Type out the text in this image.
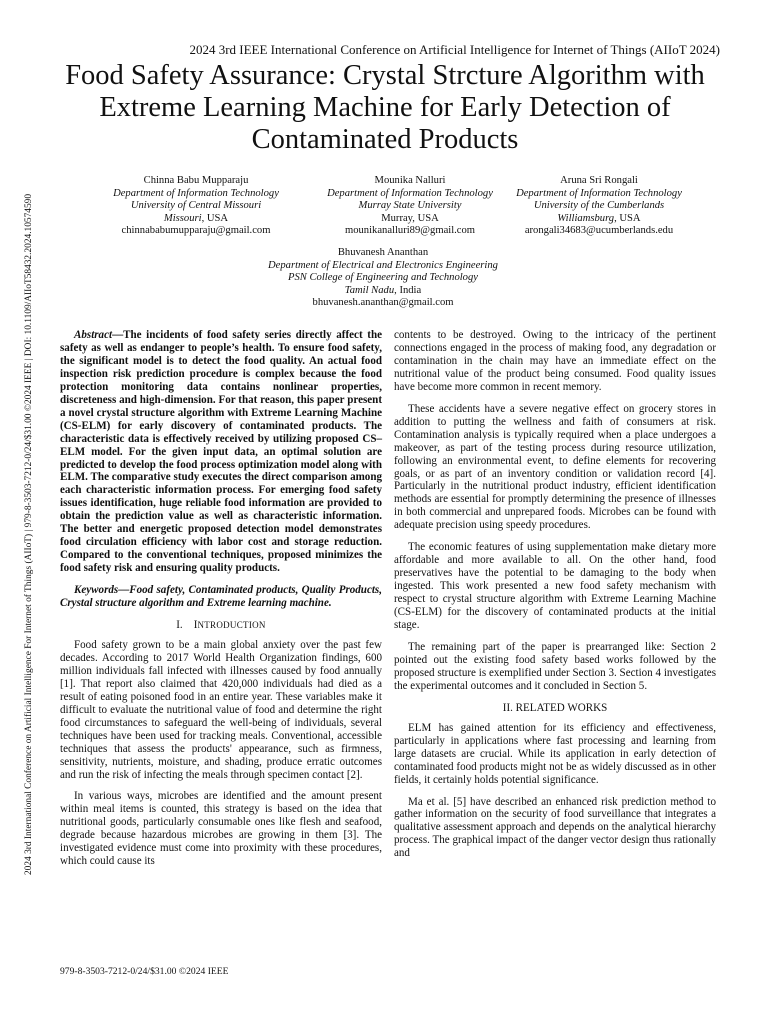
2024 3rd IEEE International Conference on Artificial Intelligence for Internet of Things (AIIoT 2024)
Food Safety Assurance: Crystal Strcture Algorithm with Extreme Learning Machine for Early Detection of Contaminated Products
2024 3rd International Conference on Artificial Intelligence For Internet of Things (AIIoT) | 979-8-3503-7212-0/24/$31.00 ©2024 IEEE | DOI: 10.1109/AIIoT58432.2024.10574590
Chinna Babu Mupparaju
Department of Information Technology
University of Central Missouri
Missouri, USA
chinnababumupparaju@gmail.com
Mounika Nalluri
Department of Information Technology
Murray State University
Murray, USA
mounikanalluri89@gmail.com
Aruna Sri Rongali
Department of Information Technology
University of the Cumberlands
Williamsburg, USA
arongali34683@ucumberlands.edu
Bhuvanesh Ananthan
Department of Electrical and Electronics Engineering
PSN College of Engineering and Technology
Tamil Nadu, India
bhuvanesh.ananthan@gmail.com

Abstract—The incidents of food safety series directly affect the safety as well as endanger to people’s health. To ensure food safety, the significant model is to detect the food quality. An actual food inspection risk prediction procedure is complex because the food protection monitoring data contains nonlinear properties, discreteness and high-dimension. For that reason, this paper present a novel crystal structure algorithm with Extreme Learning Machine (CS-ELM) for early discovery of contaminated products. The characteristic data is effectively received by utilizing proposed CS–ELM model. For the given input data, an optimal solution are predicted to develop the food process optimization model along with ELM. The comparative study executes the direct comparison among each characteristic information process. For emerging food safety issues identification, huge reliable food information are provided to obtain the prediction value as well as characteristic information. The better and energetic proposed detection model demonstrates food circulation efficiency with labor cost and storage reduction. Compared to the conventional techniques, proposed minimizes the food safety risk and ensuring quality products.

Keywords—Food safety, Contaminated products, Quality Products, Crystal structure algorithm and Extreme learning machine.

I. INTRODUCTION

Food safety grown to be a main global anxiety over the past few decades. According to 2017 World Health Organization findings, 600 million individuals fall infected with illnesses caused by food annually [1]. That report also claimed that 420,000 individuals had died as a result of eating poisoned food in an entire year. These variables make it difficult to evaluate the nutritional value of food and determine the right food circumstances to safeguard the well-being of individuals, several techniques have been used for tracking meals. Conventional, accessible techniques that assess the products' appearance, such as firmness, sensitivity, nutrients, moisture, and shading, produce erratic outcomes and run the risk of infecting the meals through specimen contact [2].

In various ways, microbes are identified and the amount present within meal items is counted, this strategy is based on the idea that nutritional goods, particularly consumable ones like flesh and seafood, degrade because hazardous microbes are growing in them [3]. The investigated evidence must come into proximity with these procedures, which could cause its

contents to be destroyed. Owing to the intricacy of the pertinent connections engaged in the process of making food, any degradation or contamination in the chain may have an immediate effect on the nutritional value of the product being consumed. Food quality issues have become more common in recent memory.

These accidents have a severe negative effect on grocery stores in addition to putting the wellness and faith of consumers at risk. Contamination analysis is typically required when a place undergoes a makeover, as part of the testing process during resource utilization, following an environmental event, to define elements for recovering goals, or as part of an inventory condition or validation record [4]. Particularly in the nutritional product industry, efficient identification methods are essential for promptly determining the presence of illnesses in both commercial and unprepared foods. Microbes can be found with adequate precision using speedy procedures.

The economic features of using supplementation make dietary more affordable and more available to all. On the other hand, food preservatives have the potential to be damaging to the body when ingested. This work presented a new food safety mechanism with respect to crystal structure algorithm with Extreme Learning Machine (CS-ELM) for the discovery of contaminated products at the initial stage.

The remaining part of the paper is prearranged like: Section 2 pointed out the existing food safety based works followed by the proposed structure is exemplified under Section 3. Section 4 investigates the experimental outcomes and it concluded in Section 5.

II. RELATED WORKS

ELM has gained attention for its efficiency and effectiveness, particularly in applications where fast processing and learning from large datasets are crucial. While its application in early detection of contaminated food products might not be as widely discussed as in other fields, it certainly holds potential significance.

Ma et al. [5] have described an enhanced risk prediction method to gather information on the security of food surveillance that integrates a qualitative assessment approach and depends on the analytical hierarchy process. The graphical impact of the danger vector design thus rationally and

979-8-3503-7212-0/24/$31.00 ©2024 IEEE
